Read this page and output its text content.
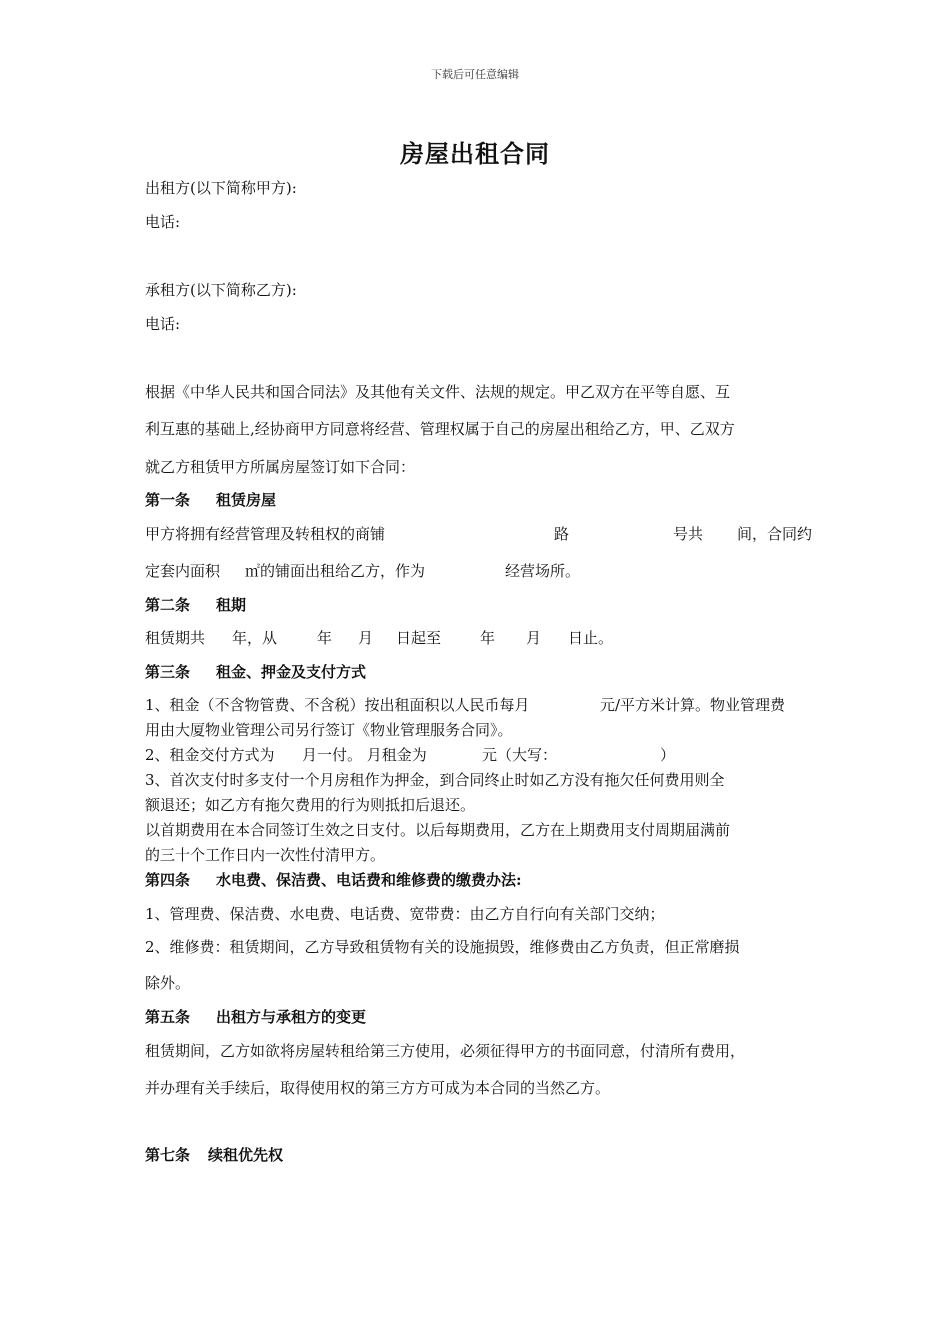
下载后可任意编辑
房屋出租合同
出租方(以下简称甲方):
电话:
承租方(以下简称乙方):
电话:
根据《中华人民共和国合同法》及其他有关文件、法规的规定。甲乙双方在平等自愿、互
利互惠的基础上,经协商甲方同意将经营、管理权属于自己的房屋出租给乙方，甲、乙双方
就乙方租赁甲方所属房屋签订如下合同：
第一条 租赁房屋
甲方将拥有经营管理及转租权的商铺	路	号共 间，合同约
定套内面积 ㎡的铺面出租给乙方，作为	经营场所。
第二条 租期
租赁期共 年，从	年 月 日起至	年 月 日止。
第三条 租金、押金及支付方式
1、租金（不含物管费、不含税）按出租面积以人民币每月	元/平方米计算。物业管理费
用由大厦物业管理公司另行签订《物业管理服务合同》。
2、租金交付方式为 月一付。 月租金为	元（大写：	）
3、首次支付时多支付一个月房租作为押金，到合同终止时如乙方没有拖欠任何费用则全
额退还；如乙方有拖欠费用的行为则抵扣后退还。
以首期费用在本合同签订生效之日支付。以后每期费用，乙方在上期费用支付周期届满前
的三十个工作日内一次性付清甲方。
第四条 水电费、保洁费、电话费和维修费的缴费办法:
1、管理费、保洁费、水电费、电话费、宽带费：由乙方自行向有关部门交纳；
2、维修费：租赁期间，乙方导致租赁物有关的设施损毁，维修费由乙方负责，但正常磨损
除外。
第五条 出租方与承租方的变更
租赁期间，乙方如欲将房屋转租给第三方使用，必须征得甲方的书面同意，付清所有费用，
并办理有关手续后，取得使用权的第三方方可成为本合同的当然乙方。
第七条 续租优先权
